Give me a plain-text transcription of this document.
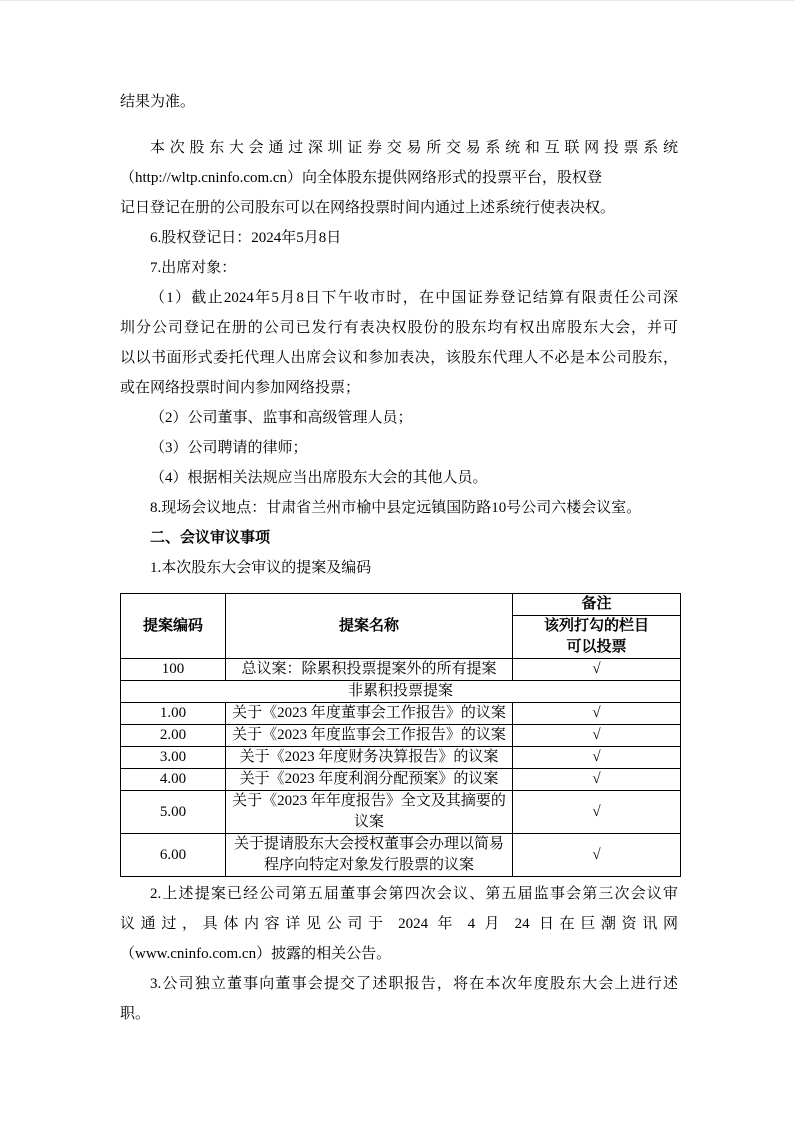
结果为准。
本次股东大会通过深圳证券交易所交易系统和互联网投票系统
（http://wltp.cninfo.com.cn）向全体股东提供网络形式的投票平台，股权登
记日登记在册的公司股东可以在网络投票时间内通过上述系统行使表决权。
6.股权登记日：2024年5月8日
7.出席对象：
（1）截止2024年5月8日下午收市时，在中国证券登记结算有限责任公司深
圳分公司登记在册的公司已发行有表决权股份的股东均有权出席股东大会，并可
以以书面形式委托代理人出席会议和参加表决，该股东代理人不必是本公司股东，
或在网络投票时间内参加网络投票；
（2）公司董事、监事和高级管理人员；
（3）公司聘请的律师；
（4）根据相关法规应当出席股东大会的其他人员。
8.现场会议地点：甘肃省兰州市榆中县定远镇国防路10号公司六楼会议室。
二、会议审议事项
1.本次股东大会审议的提案及编码
提案编码	提案名称	备注

		该列打勾的栏目
可以投票

100	总议案：除累积投票提案外的所有提案	√
非累积投票提案		
1.00	关于《2023 年度董事会工作报告》的议案	√
2.00	关于《2023 年度监事会工作报告》的议案	√
3.00	关于《2023 年度财务决算报告》的议案	√
4.00	关于《2023 年度利润分配预案》的议案	√
5.00	关于《2023 年年度报告》全文及其摘要的议案	√
6.00	关于提请股东大会授权董事会办理以简易程序向特定对象发行股票的议案	√
2.上述提案已经公司第五届董事会第四次会议、第五届监事会第三次会议审
议通过，具体内容详见公司于 2024 年 4 月 24 日在巨潮资讯网
（www.cninfo.com.cn）披露的相关公告。
3.公司独立董事向董事会提交了述职报告，将在本次年度股东大会上进行述
职。
